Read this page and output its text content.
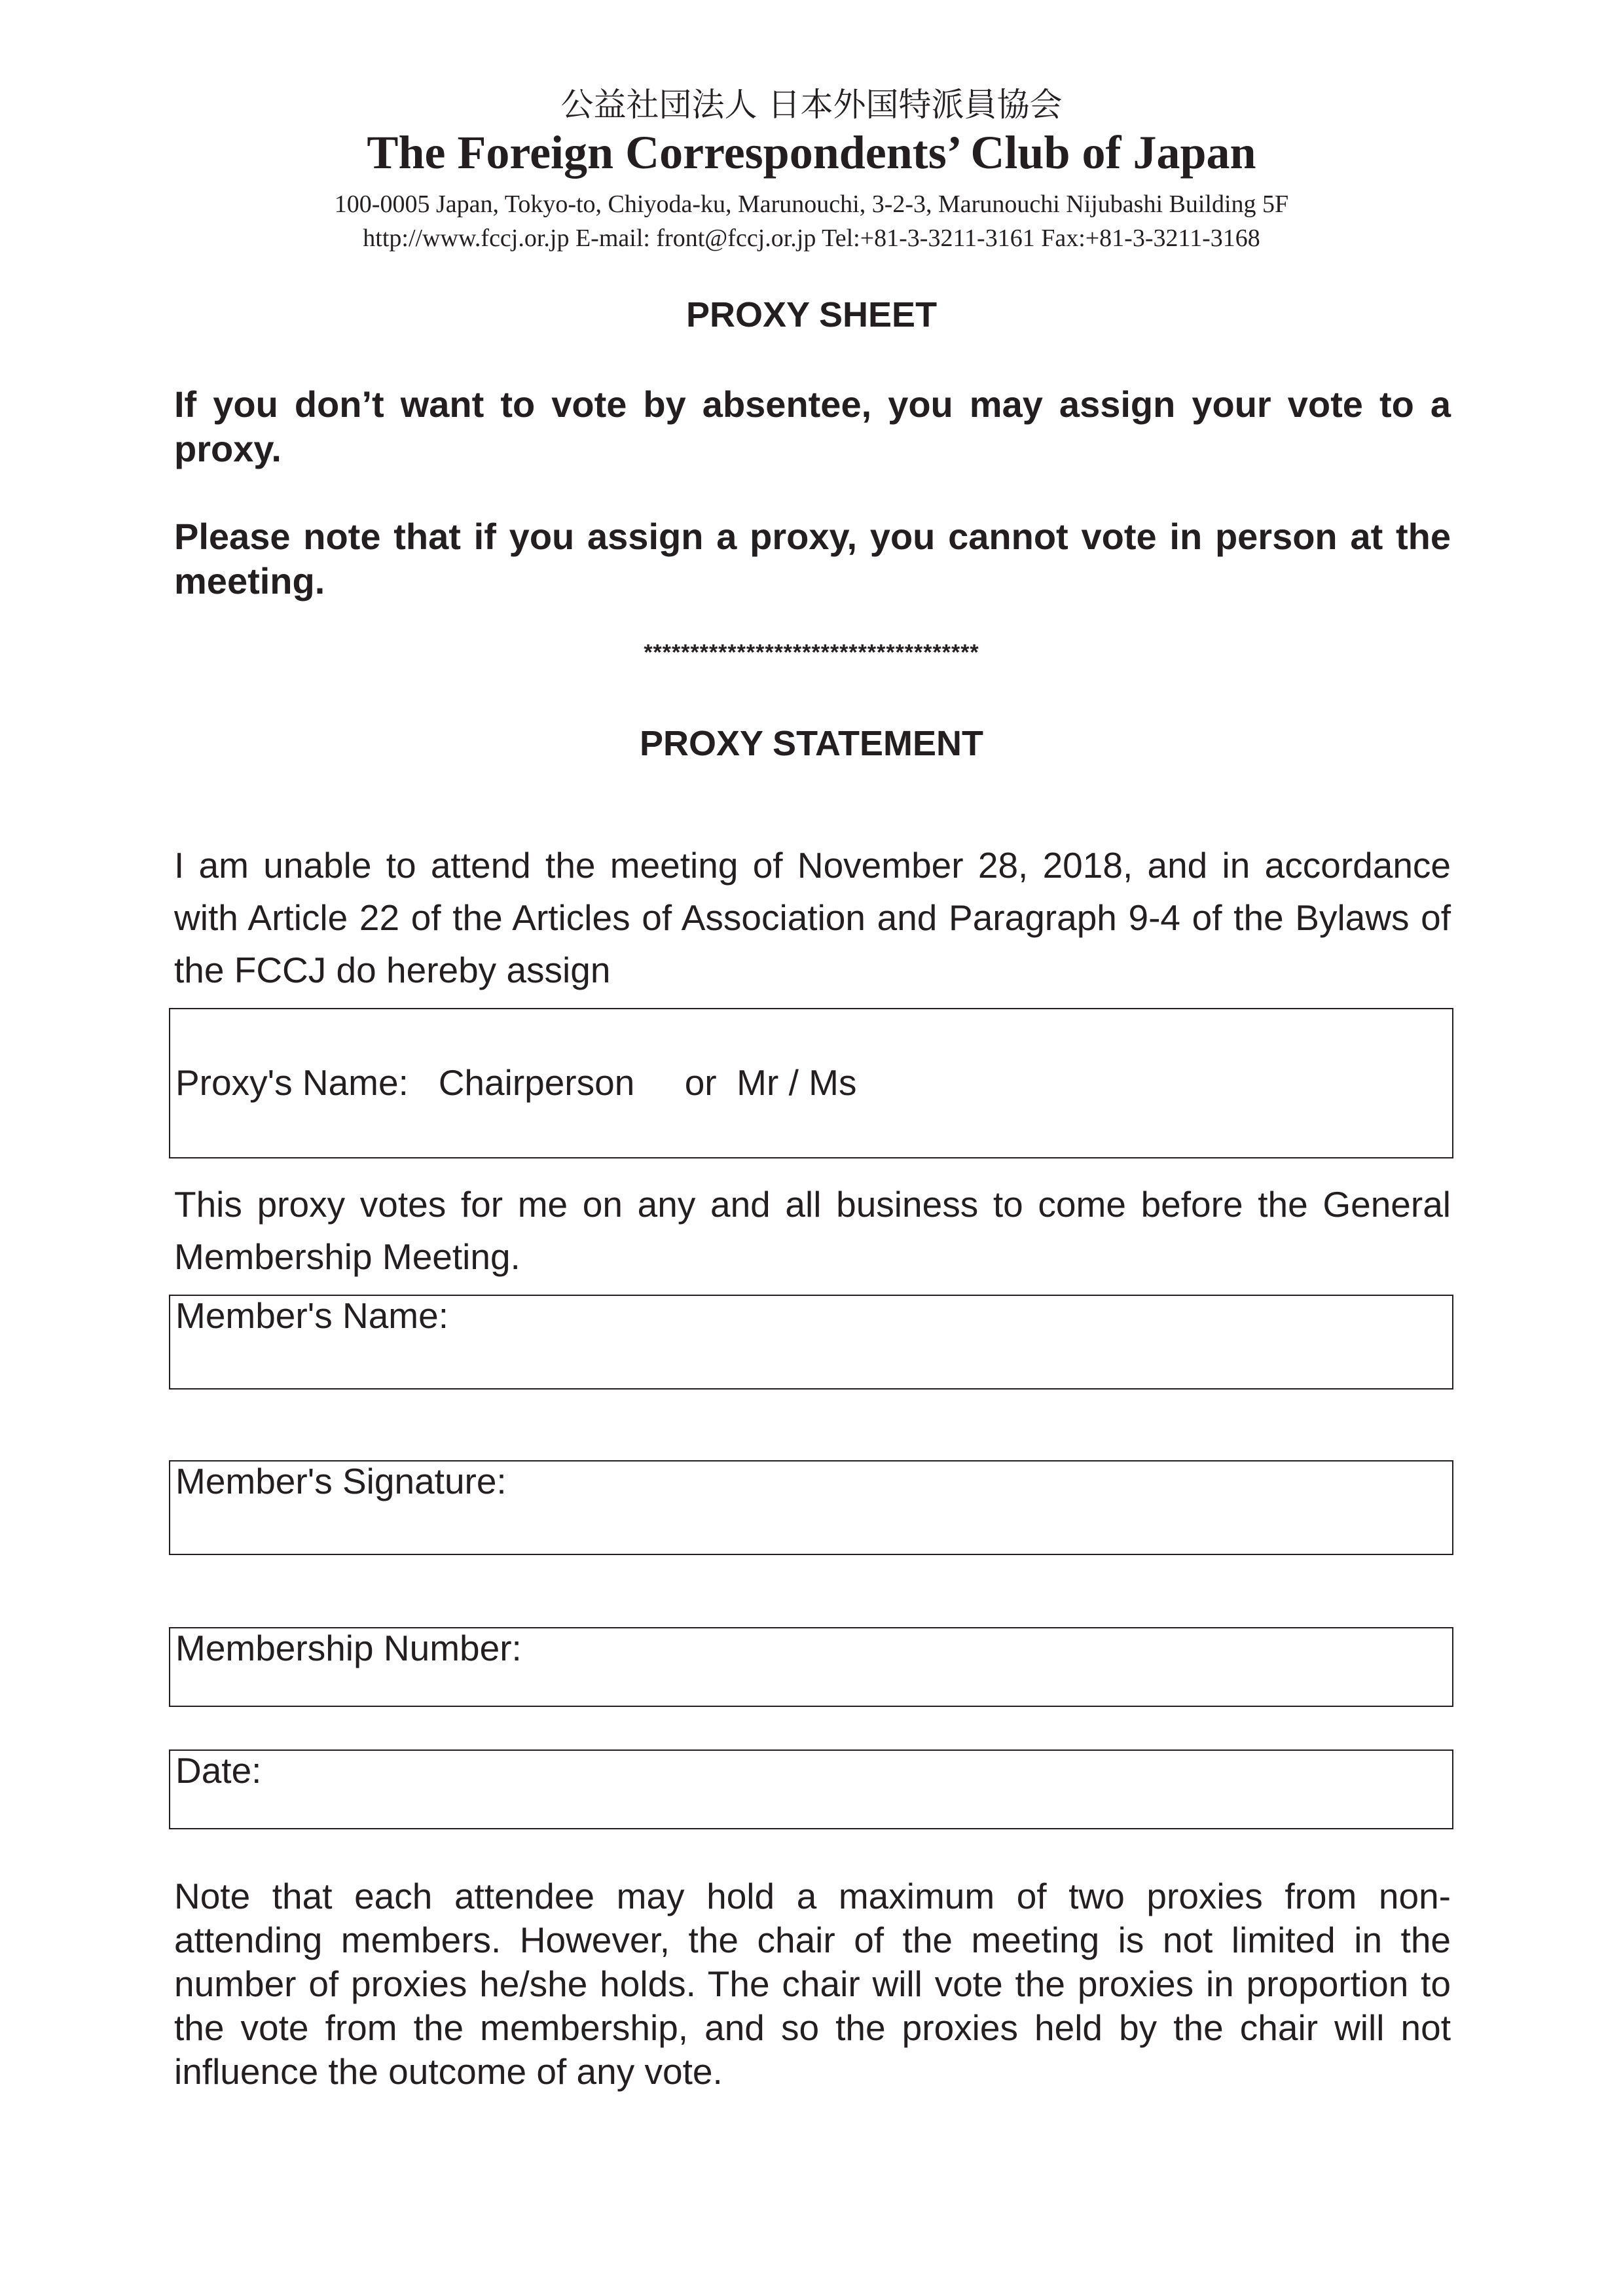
公益社団法人 日本外国特派員協会
The Foreign Correspondents’ Club of Japan
100-0005 Japan, Tokyo-to, Chiyoda-ku, Marunouchi, 3-2-3, Marunouchi Nijubashi Building 5F
http://www.fccj.or.jp E-mail: front@fccj.or.jp Tel:+81-3-3211-3161 Fax:+81-3-3211-3168
PROXY SHEET
If you don’t want to vote by absentee, you may assign your vote to a proxy.
Please note that if you assign a proxy, you cannot vote in person at the meeting.
************************************
PROXY STATEMENT
I am unable to attend the meeting of November 28, 2018, and in accordance with Article 22 of the Articles of Association and Paragraph 9-4 of the Bylaws of the FCCJ do hereby assign
Proxy's Name:   Chairperson     or  Mr / Ms
This proxy votes for me on any and all business to come before the General Membership Meeting.
Member's Name:
Member's Signature:
Membership Number:
Date:
Note that each attendee may hold a maximum of two proxies from non-attending members. However, the chair of the meeting is not limited in the number of proxies he/she holds. The chair will vote the proxies in proportion to the vote from the membership, and so the proxies held by the chair will not influence the outcome of any vote.
